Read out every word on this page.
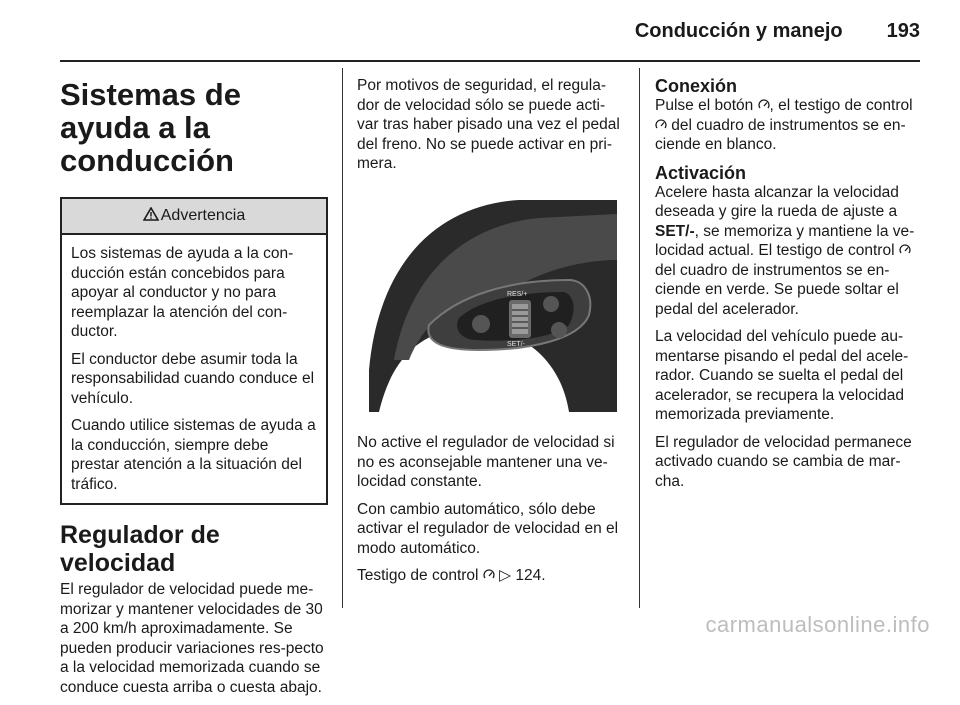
Conducción y manejo 193
Sistemas de ayuda a la
conducción
Advertencia

Los sistemas de ayuda a la con-ducción están concebidos para apoyar al conductor y no para reemplazar la atención del con-ductor.

El conductor debe asumir toda la responsabilidad cuando conduce el vehículo.

Cuando utilice sistemas de ayuda a la conducción, siempre debe prestar atención a la situación del tráfico.

Regulador de velocidad

El regulador de velocidad puede me-morizar y mantener velocidades de 30 a 200 km/h aproximadamente. Se pueden producir variaciones res-pecto a la velocidad memorizada cuando se conduce cuesta arriba o cuesta abajo.

Por motivos de seguridad, el regula-dor de velocidad sólo se puede acti-var tras haber pisado una vez el pedal del freno. No se puede activar en pri-mera.

RES/+
SET/-

No active el regulador de velocidad si no es aconsejable mantener una ve-locidad constante.

Con cambio automático, sólo debe activar el regulador de velocidad en el modo automático.

Testigo de control  ▷ 124.

Conexión

Pulse el botón , el testigo de control  del cuadro de instrumentos se en-ciende en blanco.

Activación

Acelere hasta alcanzar la velocidad deseada y gire la rueda de ajuste a SET/-, se memoriza y mantiene la ve-locidad actual. El testigo de control  del cuadro de instrumentos se en-ciende en verde. Se puede soltar el pedal del acelerador.

La velocidad del vehículo puede au-mentarse pisando el pedal del acele-rador. Cuando se suelta el pedal del acelerador, se recupera la velocidad memorizada previamente.

El regulador de velocidad permanece activado cuando se cambia de mar-cha.

carmanualsonline.info
